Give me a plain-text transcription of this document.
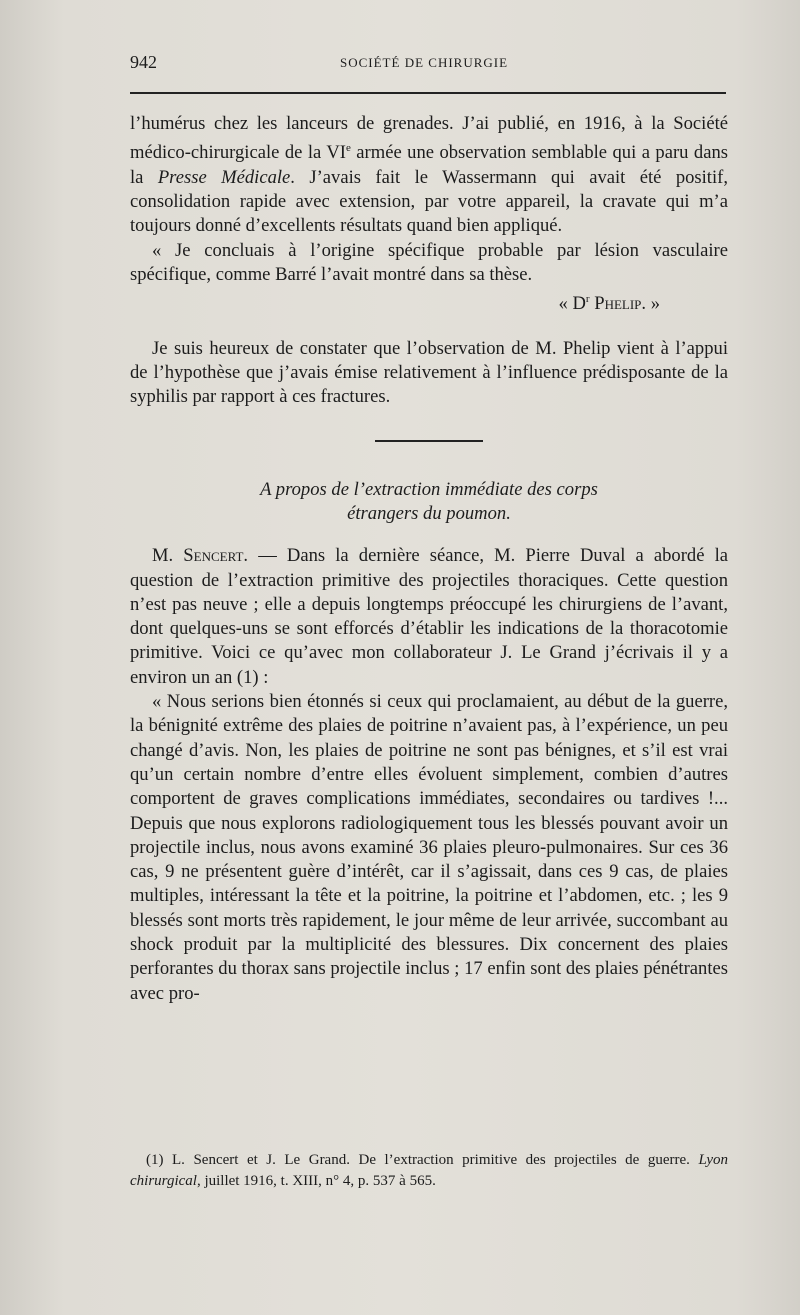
942	SOCIÉTÉ DE CHIRURGIE

l’humérus chez les lanceurs de grenades. J’ai publié, en 1916, à la Société médico-chirurgicale de la VIe armée une observation semblable qui a paru dans la Presse Médicale. J’avais fait le Wassermann qui avait été positif, consolidation rapide avec extension, par votre appareil, la cravate qui m’a toujours donné d’excellents résultats quand bien appliqué.

« Je concluais à l’origine spécifique probable par lésion vasculaire spécifique, comme Barré l’avait montré dans sa thèse.

« $D^r$ Phelip. »

Je suis heureux de constater que l’observation de M. Phelip vient à l’appui de l’hypothèse que j’avais émise relativement à l’influence prédisposante de la syphilis par rapport à ces fractures.

A propos de l’extraction immédiate des corps
étrangers du poumon.

M. Sencert. — Dans la dernière séance, M. Pierre Duval a abordé la question de l’extraction primitive des projectiles thoraciques. Cette question n’est pas neuve ; elle a depuis longtemps préoccupé les chirurgiens de l’avant, dont quelques-uns se sont efforcés d’établir les indications de la thoracotomie primitive. Voici ce qu’avec mon collaborateur J. Le Grand j’écrivais il y a environ un an (1) :

« Nous serions bien étonnés si ceux qui proclamaient, au début de la guerre, la bénignité extrême des plaies de poitrine n’avaient pas, à l’expérience, un peu changé d’avis. Non, les plaies de poitrine ne sont pas bénignes, et s’il est vrai qu’un certain nombre d’entre elles évoluent simplement, combien d’autres comportent de graves complications immédiates, secondaires ou tardives !... Depuis que nous explorons radiologiquement tous les blessés pouvant avoir un projectile inclus, nous avons examiné 36 plaies pleuro-pulmonaires. Sur ces 36 cas, 9 ne présentent guère d’intérêt, car il s’agissait, dans ces 9 cas, de plaies multiples, intéressant la tête et la poitrine, la poitrine et l’abdomen, etc. ; les 9 blessés sont morts très rapidement, le jour même de leur arrivée, succombant au shock produit par la multiplicité des blessures. Dix concernent des plaies perforantes du thorax sans projectile inclus ; 17 enfin sont des plaies pénétrantes avec pro-

(1) L. Sencert et J. Le Grand. De l’extraction primitive des projectiles de guerre. Lyon chirurgical, juillet 1916, t. XIII, n° 4, p. 537 à 565.
